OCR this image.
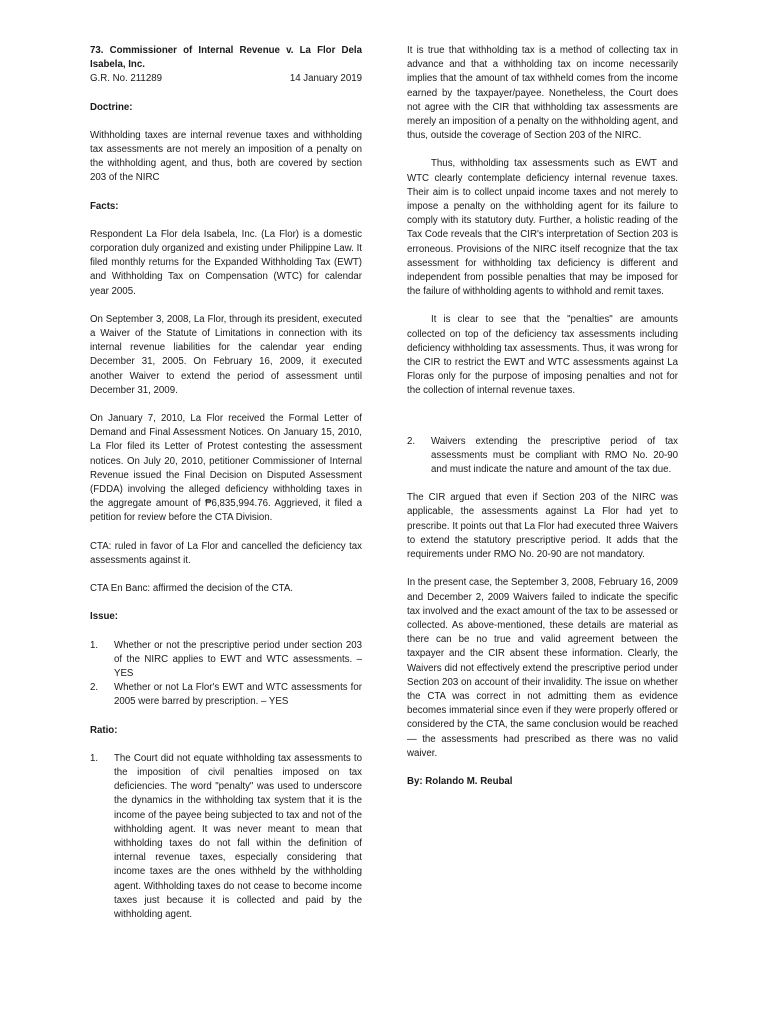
73. Commissioner of Internal Revenue v. La Flor Dela Isabela, Inc.

G.R. No. 211289	14 January 2019

Doctrine:

Withholding taxes are internal revenue taxes and withholding tax assessments are not merely an imposition of a penalty on the withholding agent, and thus, both are covered by section 203 of the NIRC

Facts:

Respondent La Flor dela Isabela, Inc. (La Flor) is a domestic corporation duly organized and existing under Philippine Law. It filed monthly returns for the Expanded Withholding Tax (EWT) and Withholding Tax on Compensation (WTC) for calendar year 2005.

On September 3, 2008, La Flor, through its president, executed a Waiver of the Statute of Limitations in connection with its internal revenue liabilities for the calendar year ending December 31, 2005. On February 16, 2009, it executed another Waiver to extend the period of assessment until December 31, 2009.

On January 7, 2010, La Flor received the Formal Letter of Demand and Final Assessment Notices. On January 15, 2010, La Flor filed its Letter of Protest contesting the assessment notices. On July 20, 2010, petitioner Commissioner of Internal Revenue issued the Final Decision on Disputed Assessment (FDDA) involving the alleged deficiency withholding taxes in the aggregate amount of ₱6,835,994.76. Aggrieved, it filed a petition for review before the CTA Division.

CTA: ruled in favor of La Flor and cancelled the deficiency tax assessments against it.

CTA En Banc: affirmed the decision of the CTA.

Issue:

1.	Whether or not the prescriptive period under section 203 of the NIRC applies to EWT and WTC assessments. – YES
2.	Whether or not La Flor's EWT and WTC assessments for 2005 were barred by prescription. – YES

Ratio:

1.	The Court did not equate withholding tax assessments to the imposition of civil penalties imposed on tax deficiencies. The word "penalty" was used to underscore the dynamics in the withholding tax system that it is the income of the payee being subjected to tax and not of the withholding agent. It was never meant to mean that withholding taxes do not fall within the definition of internal revenue taxes, especially considering that income taxes are the ones withheld by the withholding agent. Withholding taxes do not cease to become income taxes just because it is collected and paid by the withholding agent.

It is true that withholding tax is a method of collecting tax in advance and that a withholding tax on income necessarily implies that the amount of tax withheld comes from the income earned by the taxpayer/payee. Nonetheless, the Court does not agree with the CIR that withholding tax assessments are merely an imposition of a penalty on the withholding agent, and thus, outside the coverage of Section 203 of the NIRC.

Thus, withholding tax assessments such as EWT and WTC clearly contemplate deficiency internal revenue taxes. Their aim is to collect unpaid income taxes and not merely to impose a penalty on the withholding agent for its failure to comply with its statutory duty. Further, a holistic reading of the Tax Code reveals that the CIR's interpretation of Section 203 is erroneous. Provisions of the NIRC itself recognize that the tax assessment for withholding tax deficiency is different and independent from possible penalties that may be imposed for the failure of withholding agents to withhold and remit taxes.

It is clear to see that the "penalties" are amounts collected on top of the deficiency tax assessments including deficiency withholding tax assessments. Thus, it was wrong for the CIR to restrict the EWT and WTC assessments against La Floras only for the purpose of imposing penalties and not for the collection of internal revenue taxes.

2.	Waivers extending the prescriptive period of tax assessments must be compliant with RMO No. 20-90 and must indicate the nature and amount of the tax due.

The CIR argued that even if Section 203 of the NIRC was applicable, the assessments against La Flor had yet to prescribe. It points out that La Flor had executed three Waivers to extend the statutory prescriptive period. It adds that the requirements under RMO No. 20-90 are not mandatory.

In the present case, the September 3, 2008, February 16, 2009 and December 2, 2009 Waivers failed to indicate the specific tax involved and the exact amount of the tax to be assessed or collected. As above-mentioned, these details are material as there can be no true and valid agreement between the taxpayer and the CIR absent these information. Clearly, the Waivers did not effectively extend the prescriptive period under Section 203 on account of their invalidity. The issue on whether the CTA was correct in not admitting them as evidence becomes immaterial since even if they were properly offered or considered by the CTA, the same conclusion would be reached — the assessments had prescribed as there was no valid waiver.

By: Rolando M. Reubal
